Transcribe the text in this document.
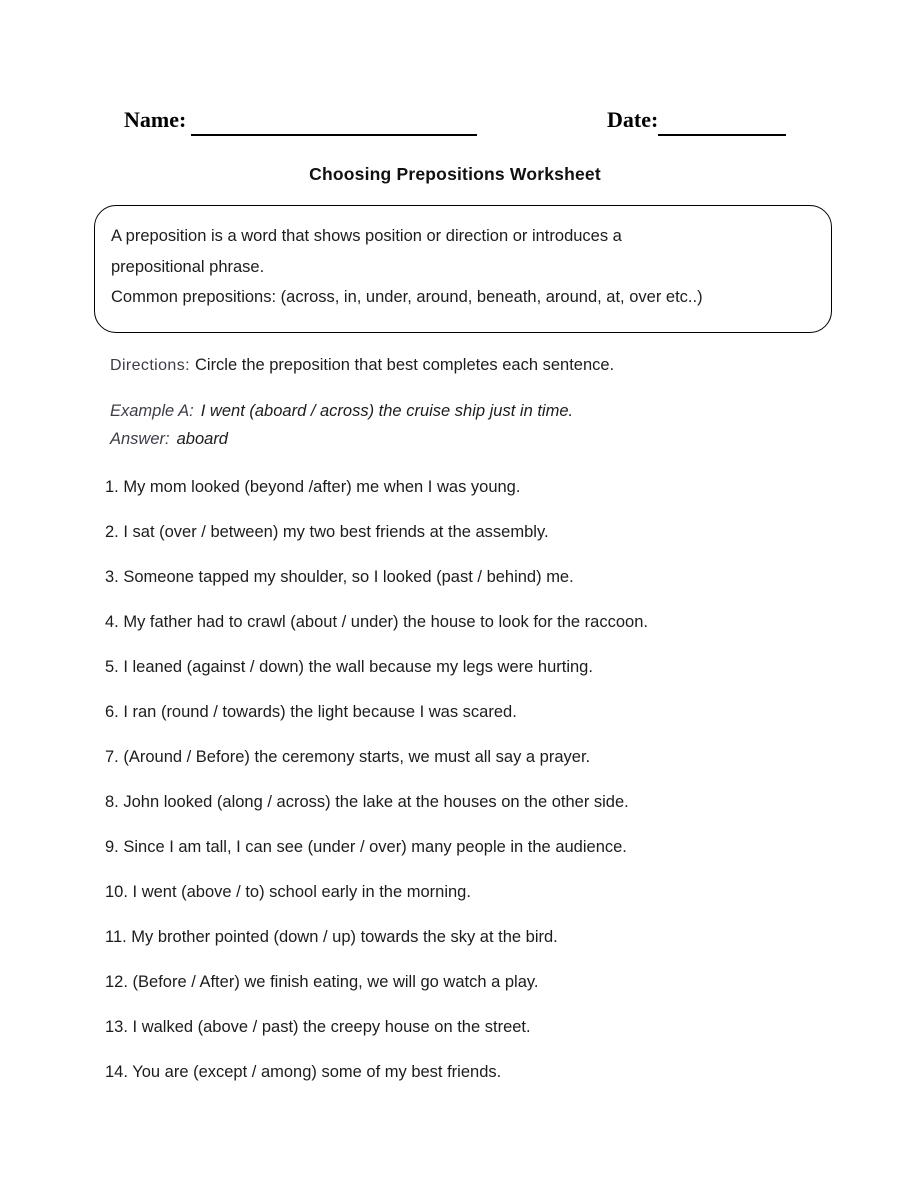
Name:	Date:
Choosing Prepositions Worksheet
A preposition is a word that shows position or direction or introduces a
prepositional phrase.
Common prepositions: (across, in, under, around, beneath, around, at, over etc..)
Directions: Circle the preposition that best completes each sentence.
Example A: I went (aboard / across) the cruise ship just in time.
Answer: aboard

1. My mom looked (beyond /after) me when I was young.

2. I sat (over / between) my two best friends at the assembly.

3. Someone tapped my shoulder, so I looked (past / behind) me.

4. My father had to crawl (about / under) the house to look for the raccoon.

5. I leaned (against / down) the wall because my legs were hurting.

6. I ran (round / towards) the light because I was scared.

7. (Around / Before) the ceremony starts, we must all say a prayer.

8. John looked (along / across) the lake at the houses on the other side.

9. Since I am tall, I can see (under / over) many people in the audience.

10. I went (above / to) school early in the morning.

11. My brother pointed (down / up) towards the sky at the bird.

12. (Before / After) we finish eating, we will go watch a play.

13. I walked (above / past) the creepy house on the street.

14. You are (except / among) some of my best friends.
